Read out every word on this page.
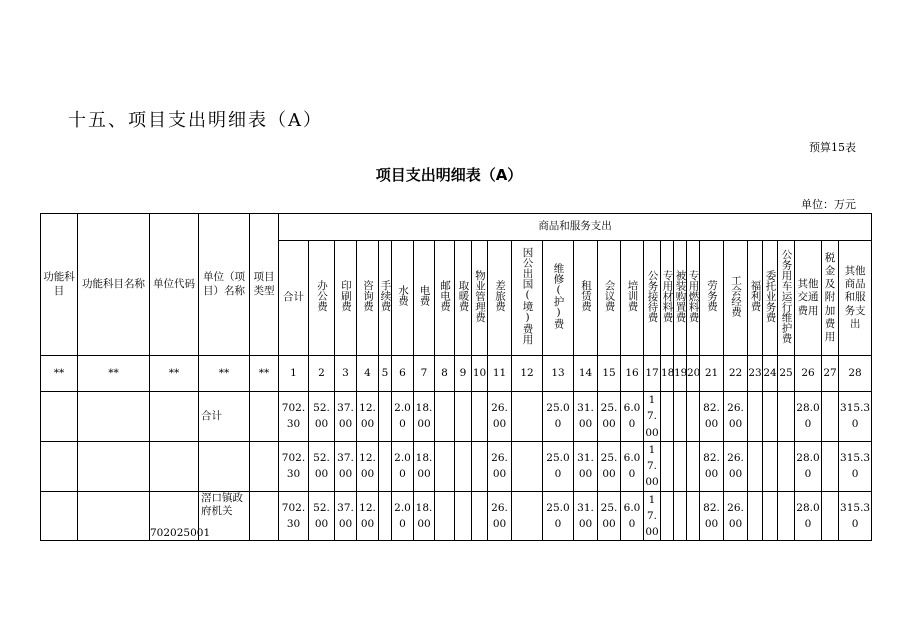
十五、项目支出明细表（A）
预算15表
项目支出明细表（A）
单位：万元
功能科目	功能科目名称	单位代码	单位（项目）名称	项目类型	商品和服务支出																											
					合计	办公费	印刷费	咨询费	手续费	水费	电费	邮电费	取暖费	物业管理费	差旅费	因公出国(境)费用	维修(护)费	租赁费	会议费	培训费	公务接待费	专用材料费	被装购置费	专用燃料费	劳务费	工会经费	福利费	委托业务费	公务用车运行维护费	其他交通费用	税金及附加费用	其他商品和服务支出
**	**	**	**	**	1	2	3	4	5	6	7	8	9	10	11	12	13	14	15	16	17	18	19	20	21	22	23	24	25	26	27	28
			合计		702.30	52.00	37.00	12.00		2.00	18.00				26.00		25.00	31.00	25.00	6.00	17.00				82.00	26.00				28.00		315.30
					702.30	52.00	37.00	12.00		2.00	18.00				26.00		25.00	31.00	25.00	6.00	17.00				82.00	26.00				28.00		315.30
		702025001	滘口镇政府机关		702.30	52.00	37.00	12.00		2.00	18.00				26.00		25.00	31.00	25.00	6.00	17.00				82.00	26.00				28.00		315.30
